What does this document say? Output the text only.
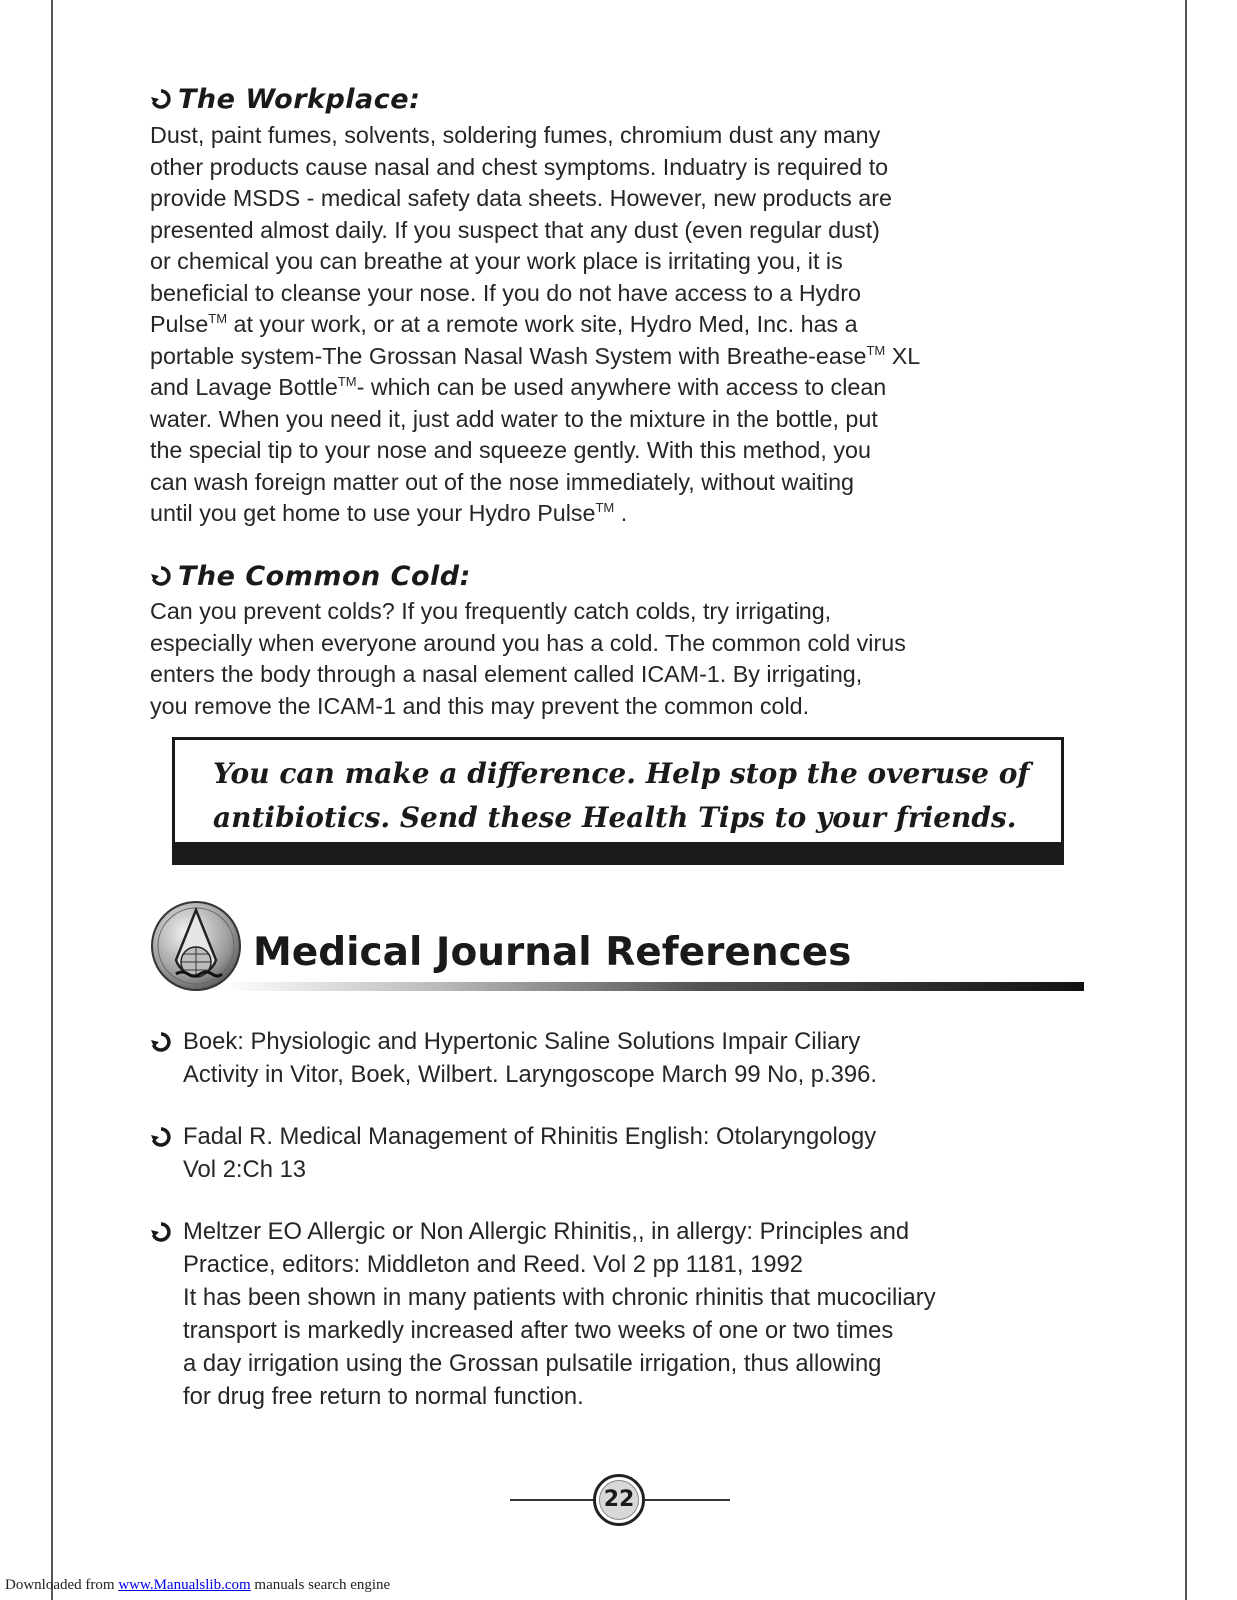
The Workplace:
Dust, paint fumes, solvents, soldering fumes, chromium dust any many
other products cause nasal and chest symptoms. Induatry is required to
provide MSDS - medical safety data sheets. However, new products are
presented almost daily. If you suspect that any dust (even regular dust)
or chemical you can breathe at your work place is irritating you, it is
beneficial to cleanse your nose. If you do not have access to a Hydro
Pulse™ at your work, or at a remote work site, Hydro Med, Inc. has a
portable system-The Grossan Nasal Wash System with Breathe-ease™ XL
and Lavage Bottle™- which can be used anywhere with access to clean
water. When you need it, just add water to the mixture in the bottle, put
the special tip to your nose and squeeze gently. With this method, you
can wash foreign matter out of the nose immediately, without waiting
until you get home to use your Hydro Pulse™ .
The Common Cold:
Can you prevent colds? If you frequently catch colds, try irrigating,
especially when everyone around you has a cold. The common cold virus
enters the body through a nasal element called ICAM-1. By irrigating,
you remove the ICAM-1 and this may prevent the common cold.
You can make a difference. Help stop the overuse of
antibiotics. Send these Health Tips to your friends.
Medical Journal References
Boek: Physiologic and Hypertonic Saline Solutions Impair Ciliary
Activity in Vitor, Boek, Wilbert. Laryngoscope March 99 No, p.396.
Fadal R. Medical Management of Rhinitis English: Otolaryngology
Vol 2:Ch 13
Meltzer EO Allergic or Non Allergic Rhinitis,, in allergy: Principles and
Practice, editors: Middleton and Reed. Vol 2 pp 1181, 1992
It has been shown in many patients with chronic rhinitis that mucociliary
transport is markedly increased after two weeks of one or two times
a day irrigation using the Grossan pulsatile irrigation, thus allowing
for drug free return to normal function.
22
Downloaded from www.Manualslib.com manuals search engine
